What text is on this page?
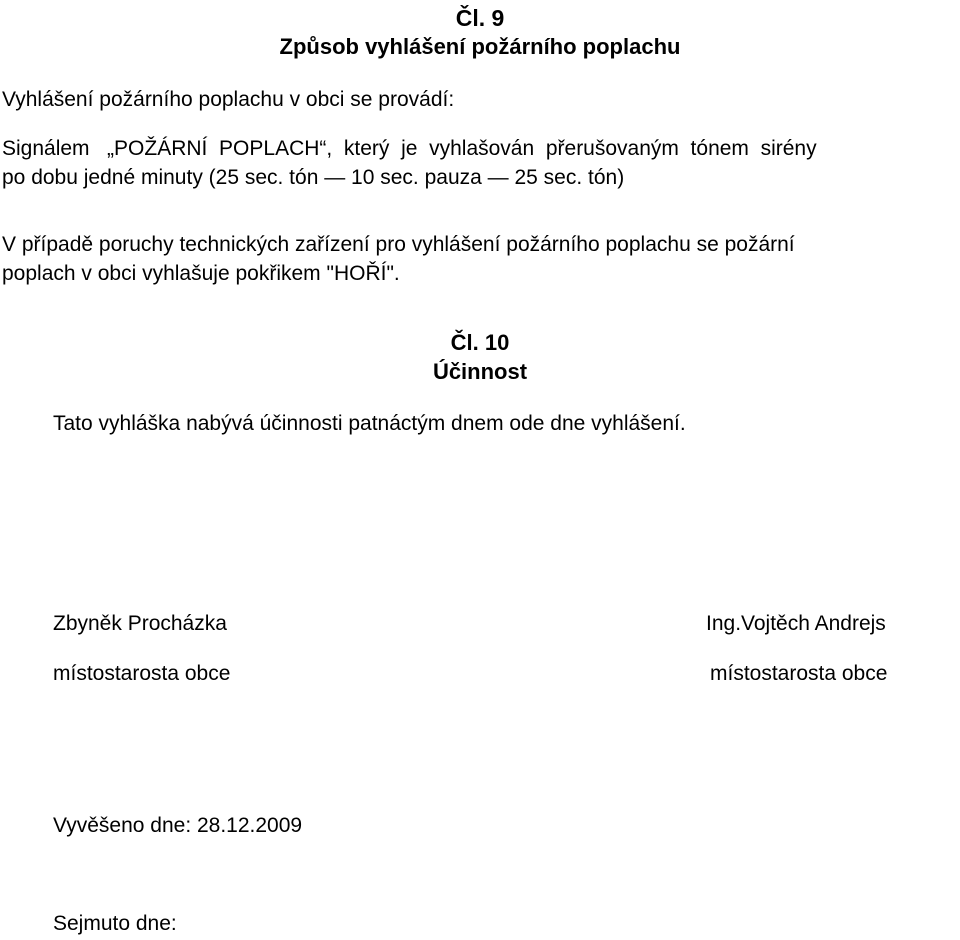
Čl. 9

Způsob vyhlášení požárního poplachu

Vyhlášení požárního poplachu v obci se provádí:

Signálem   „POŽÁRNÍ  POPLACH“,  který  je  vyhlašován  přerušovaným  tónem  sirény

po dobu jedné minuty (25 sec. tón — 10 sec. pauza — 25 sec. tón)

V případě poruchy technických zařízení pro vyhlášení požárního poplachu se požární

poplach v obci vyhlašuje pokřikem "HOŘÍ".

Čl. 10

Účinnost

Tato vyhláška nabývá účinnosti patnáctým dnem ode dne vyhlášení.

Zbyněk Procházka

místostarosta obce

Ing.Vojtěch Andrejs

místostarosta obce

Vyvěšeno dne: 28.12.2009

Sejmuto dne:
